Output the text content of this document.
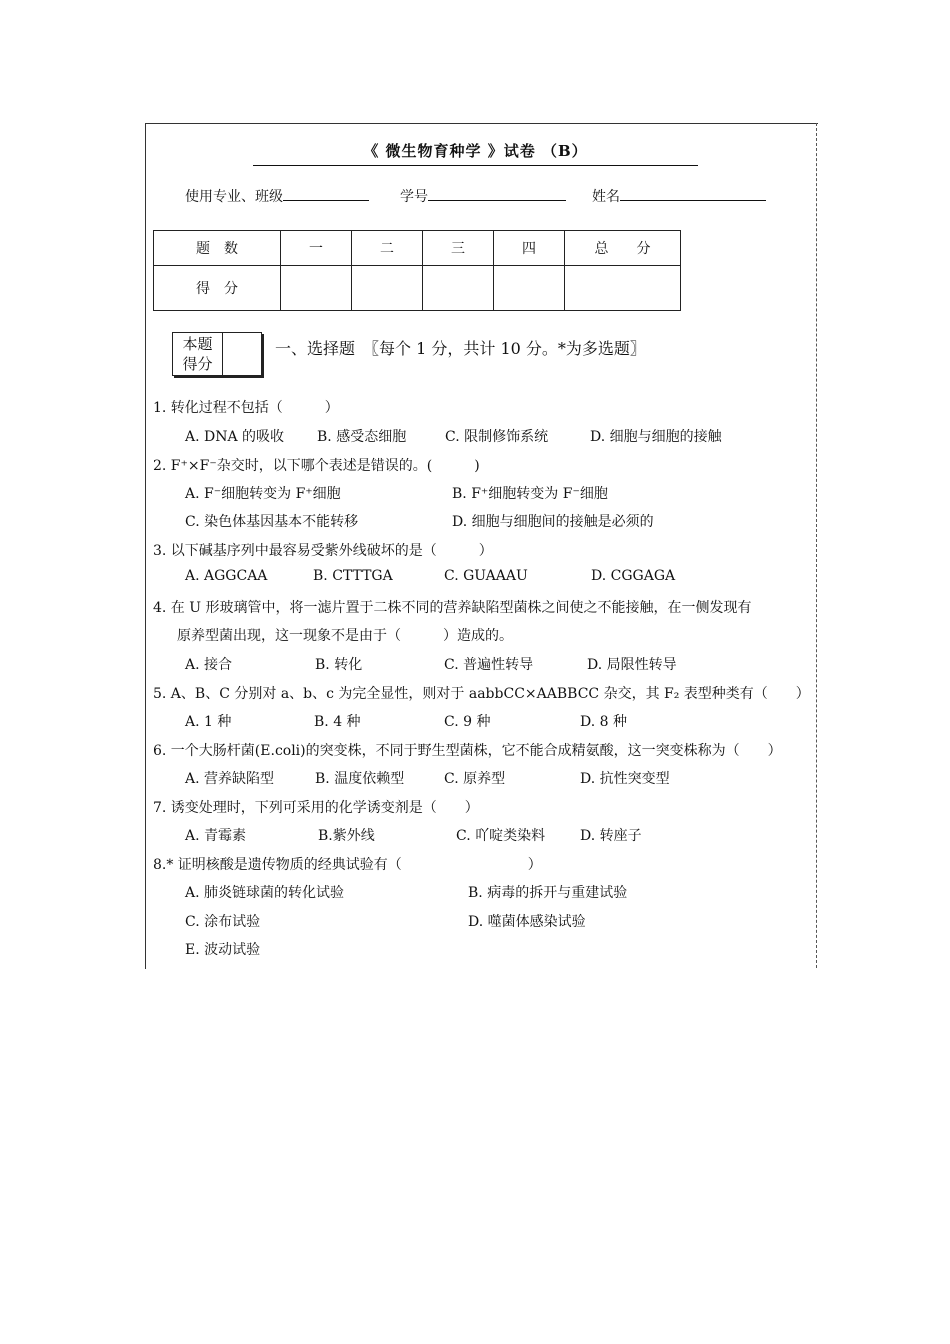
《 微生物育种学 》试卷 （B）
使用专业、班级	学号	姓名
题　数	一	二	三	四	总　　分
得　分					
本题
得分
一、选择题　〖每个 1 分，共计 10 分。*为多选题〗
1. 转化过程不包括（　　　）
A. DNA 的吸收 B. 感受态细胞	C. 限制修饰系统	D. 细胞与细胞的接触
2. F⁺×F⁻杂交时，以下哪个表述是错误的。(　　　)
A. F⁻细胞转变为 F⁺细胞	B. F⁺细胞转变为 F⁻细胞
C. 染色体基因基本不能转移	D. 细胞与细胞间的接触是必须的
3. 以下碱基序列中最容易受紫外线破坏的是（　　　）
A. AGGCAA	B. CTTTGA	C. GUAAAU	D. CGGAGA
4. 在 U 形玻璃管中，将一滤片置于二株不同的营养缺陷型菌株之间使之不能接触，在一侧发现有
原养型菌出现，这一现象不是由于（　　　）造成的。
A. 接合	B. 转化	C. 普遍性转导	D. 局限性转导
5. A、B、C 分别对 a、b、c 为完全显性，则对于 aabbCC×AABBCC 杂交，其 F₂ 表型种类有（　　）
A. 1 种	B. 4 种	C. 9 种	D. 8 种
6. 一个大肠杆菌(E.coli)的突变株，不同于野生型菌株，它不能合成精氨酸，这一突变株称为（　　）
A. 营养缺陷型	B. 温度依赖型	C. 原养型	D. 抗性突变型
7. 诱变处理时，下列可采用的化学诱变剂是（　　）
A. 青霉素	B.紫外线	C. 吖啶类染料 D. 转座子
8.* 证明核酸是遗传物质的经典试验有（　　　　　　　　　）
A. 肺炎链球菌的转化试验	B. 病毒的拆开与重建试验
C. 涂布试验	D. 噬菌体感染试验
E. 波动试验
